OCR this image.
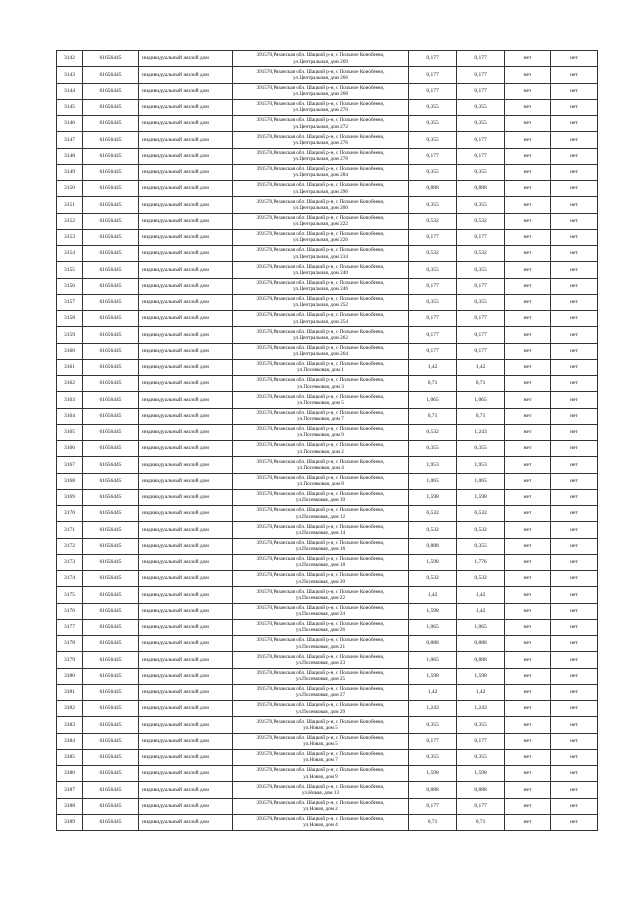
3142	61656445	индивидуальный жилой дом	391570,Рязанская обл. Шацкий р-н, с Польное Конобеево,
ул.Центральная, дом 269	0,177	0,177	нет	нет
3143	61656445	индивидуальный жилой дом	391570,Рязанская обл. Шацкий р-н, с Польное Конобеево,
ул.Центральная, дом 266	0,177	0,177	нет	нет
3144	61656445	индивидуальный жилой дом	391570,Рязанская обл. Шацкий р-н, с Польное Конобеево,
ул.Центральная, дом 268	0,177	0,177	нет	нет
3145	61656445	индивидуальный жилой дом	391570,Рязанская обл. Шацкий р-н, с Польное Конобеево,
ул.Центральная, дом 270	0,355	0,355	нет	нет
3146	61656445	индивидуальный жилой дом	391570,Рязанская обл. Шацкий р-н, с Польное Конобеево,
ул.Центральная, дом 272	0,355	0,355	нет	нет
3147	61656445	индивидуальный жилой дом	391570,Рязанская обл. Шацкий р-н, с Польное Конобеево,
ул.Центральная, дом 276	0,355	0,177	нет	нет
3148	61656445	индивидуальный жилой дом	391570,Рязанская обл. Шацкий р-н, с Польное Конобеево,
ул.Центральная, дом 278	0,177	0,177	нет	нет
3149	61656445	индивидуальный жилой дом	391570,Рязанская обл. Шацкий р-н, с Польное Конобеево,
ул.Центральная, дом 284	0,355	0,355	нет	нет
3150	61656445	индивидуальный жилой дом	391570,Рязанская обл. Шацкий р-н, с Польное Конобеево,
ул.Центральная, дом 296	0,888	0,888	нет	нет
3151	61656445	индивидуальный жилой дом	391570,Рязанская обл. Шацкий р-н, с Польное Конобеево,
ул.Центральная, дом 200	0,355	0,355	нет	нет
3152	61656445	индивидуальный жилой дом	391570,Рязанская обл. Шацкий р-н, с Польное Конобеево,
ул.Центральная, дом 222	0,532	0,532	нет	нет
3153	61656445	индивидуальный жилой дом	391570,Рязанская обл. Шацкий р-н, с Польное Конобеево,
ул.Центральная, дом 226	0,177	0,177	нет	нет
3154	61656445	индивидуальный жилой дом	391570,Рязанская обл. Шацкий р-н, с Польное Конобеево,
ул.Центральная, дом 234	0,532	0,532	нет	нет
3155	61656445	индивидуальный жилой дом	391570,Рязанская обл. Шацкий р-н, с Польное Конобеево,
ул.Центральная, дом 240	0,355	0,355	нет	нет
3156	61656445	индивидуальный жилой дом	391570,Рязанская обл. Шацкий р-н, с Польное Конобеево,
ул.Центральная, дом 246	0,177	0,177	нет	нет
3157	61656445	индивидуальный жилой дом	391570,Рязанская обл. Шацкий р-н, с Польное Конобеево,
ул.Центральная, дом 252	0,355	0,355	нет	нет
3158	61656445	индивидуальный жилой дом	391570,Рязанская обл. Шацкий р-н, с Польное Конобеево,
ул.Центральная, дом 254	0,177	0,177	нет	нет
3159	61656445	индивидуальный жилой дом	391570,Рязанская обл. Шацкий р-н, с Польное Конобеево,
ул.Центральная, дом 262	0,177	0,177	нет	нет
3160	61656445	индивидуальный жилой дом	391570,Рязанская обл. Шацкий р-н, с Польное Конобеево,
ул.Центральная, дом 264	0,177	0,177	нет	нет
3161	61656445	индивидуальный жилой дом	391570,Рязанская обл. Шацкий р-н, с Польное Конобеево,
ул.Посевковая, дом 1	1,42	1,42	нет	нет
3162	61656445	индивидуальный жилой дом	391570,Рязанская обл. Шацкий р-н, с Польное Конобеево,
ул.Посевковая, дом 3	0,71	0,71	нет	нет
3163	61656445	индивидуальный жилой дом	391570,Рязанская обл. Шацкий р-н, с Польное Конобеево,
ул.Посевковая, дом 5	1,065	1,065	нет	нет
3164	61656445	индивидуальный жилой дом	391570,Рязанская обл. Шацкий р-н, с Польное Конобеево,
ул.Посевковая, дом 7	0,71	0,71	нет	нет
3165	61656445	индивидуальный жилой дом	391570,Рязанская обл. Шацкий р-н, с Польное Конобеево,
ул.Посевковая, дом 9	0,532	1,243	нет	нет
3166	61656445	индивидуальный жилой дом	391570,Рязанская обл. Шацкий р-н, с Польное Конобеево,
ул.Посевковая, дом 2	0,355	0,355	нет	нет
3167	61656445	индивидуальный жилой дом	391570,Рязанская обл. Шацкий р-н, с Польное Конобеево,
ул.Посевковая, дом 4	1,953	1,953	нет	нет
3168	61656445	индивидуальный жилой дом	391570,Рязанская обл. Шацкий р-н, с Польное Конобеево,
ул.Посевковая, дом 8	1,065	1,065	нет	нет
3169	61656445	индивидуальный жилой дом	391570,Рязанская обл. Шацкий р-н, с Польное Конобеево,
ул.Посевковая, дом 10	1,598	1,598	нет	нет
3170	61656445	индивидуальный жилой дом	391570,Рязанская обл. Шацкий р-н, с Польное Конобеево,
ул.Посевковая, дом 12	0,532	0,532	нет	нет
3171	61656445	индивидуальный жилой дом	391570,Рязанская обл. Шацкий р-н, с Польное Конобеево,
ул.Посевковая, дом 14	0,532	0,532	нет	нет
3172	61656445	индивидуальный жилой дом	391570,Рязанская обл. Шацкий р-н, с Польное Конобеево,
ул.Посевковая, дом 16	0,888	0,355	нет	нет
3173	61656445	индивидуальный жилой дом	391570,Рязанская обл. Шацкий р-н, с Польное Конобеево,
ул.Посевковая, дом 18	1,598	1,776	нет	нет
3174	61656445	индивидуальный жилой дом	391570,Рязанская обл. Шацкий р-н, с Польное Конобеево,
ул.Посевковая, дом 20	0,532	0,532	нет	нет
3175	61656445	индивидуальный жилой дом	391570,Рязанская обл. Шацкий р-н, с Польное Конобеево,
ул.Посевковая, дом 22	1,42	1,42	нет	нет
3176	61656445	индивидуальный жилой дом	391570,Рязанская обл. Шацкий р-н, с Польное Конобеево,
ул.Посевковая, дом 24	1,598	1,42	нет	нет
3177	61656445	индивидуальный жилой дом	391570,Рязанская обл. Шацкий р-н, с Польное Конобеево,
ул.Посевковая, дом 26	1,065	1,065	нет	нет
3178	61656445	индивидуальный жилой дом	391570,Рязанская обл. Шацкий р-н, с Польное Конобеево,
ул.Посевковая, дом 21	0,888	0,888	нет	нет
3179	61656445	индивидуальный жилой дом	391570,Рязанская обл. Шацкий р-н, с Польное Конобеево,
ул.Посевковая, дом 23	1,065	0,888	нет	нет
3180	61656445	индивидуальный жилой дом	391570,Рязанская обл. Шацкий р-н, с Польное Конобеево,
ул.Посевковая, дом 25	1,598	1,598	нет	нет
3181	61656445	индивидуальный жилой дом	391570,Рязанская обл. Шацкий р-н, с Польное Конобеево,
ул.Посевковая, дом 27	1,42	1,42	нет	нет
3182	61656445	индивидуальный жилой дом	391570,Рязанская обл. Шацкий р-н, с Польное Конобеево,
ул.Посевковая, дом 29	1,243	1,243	нет	нет
3183	61656445	индивидуальный жилой дом	391570,Рязанская обл. Шацкий р-н, с Польное Конобеево,
ул.Новая, дом 5	0,355	0,355	нет	нет
3184	61656445	индивидуальный жилой дом	391570,Рязанская обл. Шацкий р-н, с Польное Конобеево,
ул.Новая, дом 5	0,177	0,177	нет	нет
3185	61656445	индивидуальный жилой дом	391570,Рязанская обл. Шацкий р-н, с Польное Конобеево,
ул.Новая, дом 7	0,355	0,355	нет	нет
3186	61656445	индивидуальный жилой дом	391570,Рязанская обл. Шацкий р-н, с Польное Конобеево,
ул.Новая, дом 9	1,598	1,598	нет	нет
3187	61656445	индивидуальный жилой дом	391570,Рязанская обл. Шацкий р-н, с Польное Конобеево,
ул.Новая, дом 13	0,888	0,888	нет	нет
3188	61656445	индивидуальный жилой дом	391570,Рязанская обл. Шацкий р-н, с Польное Конобеево,
ул.Новая, дом 2	0,177	0,177	нет	нет
3189	61656445	индивидуальный жилой дом	391570,Рязанская обл. Шацкий р-н, с Польное Конобеево,
ул.Новая, дом 4	0,71	0,71	нет	нет
